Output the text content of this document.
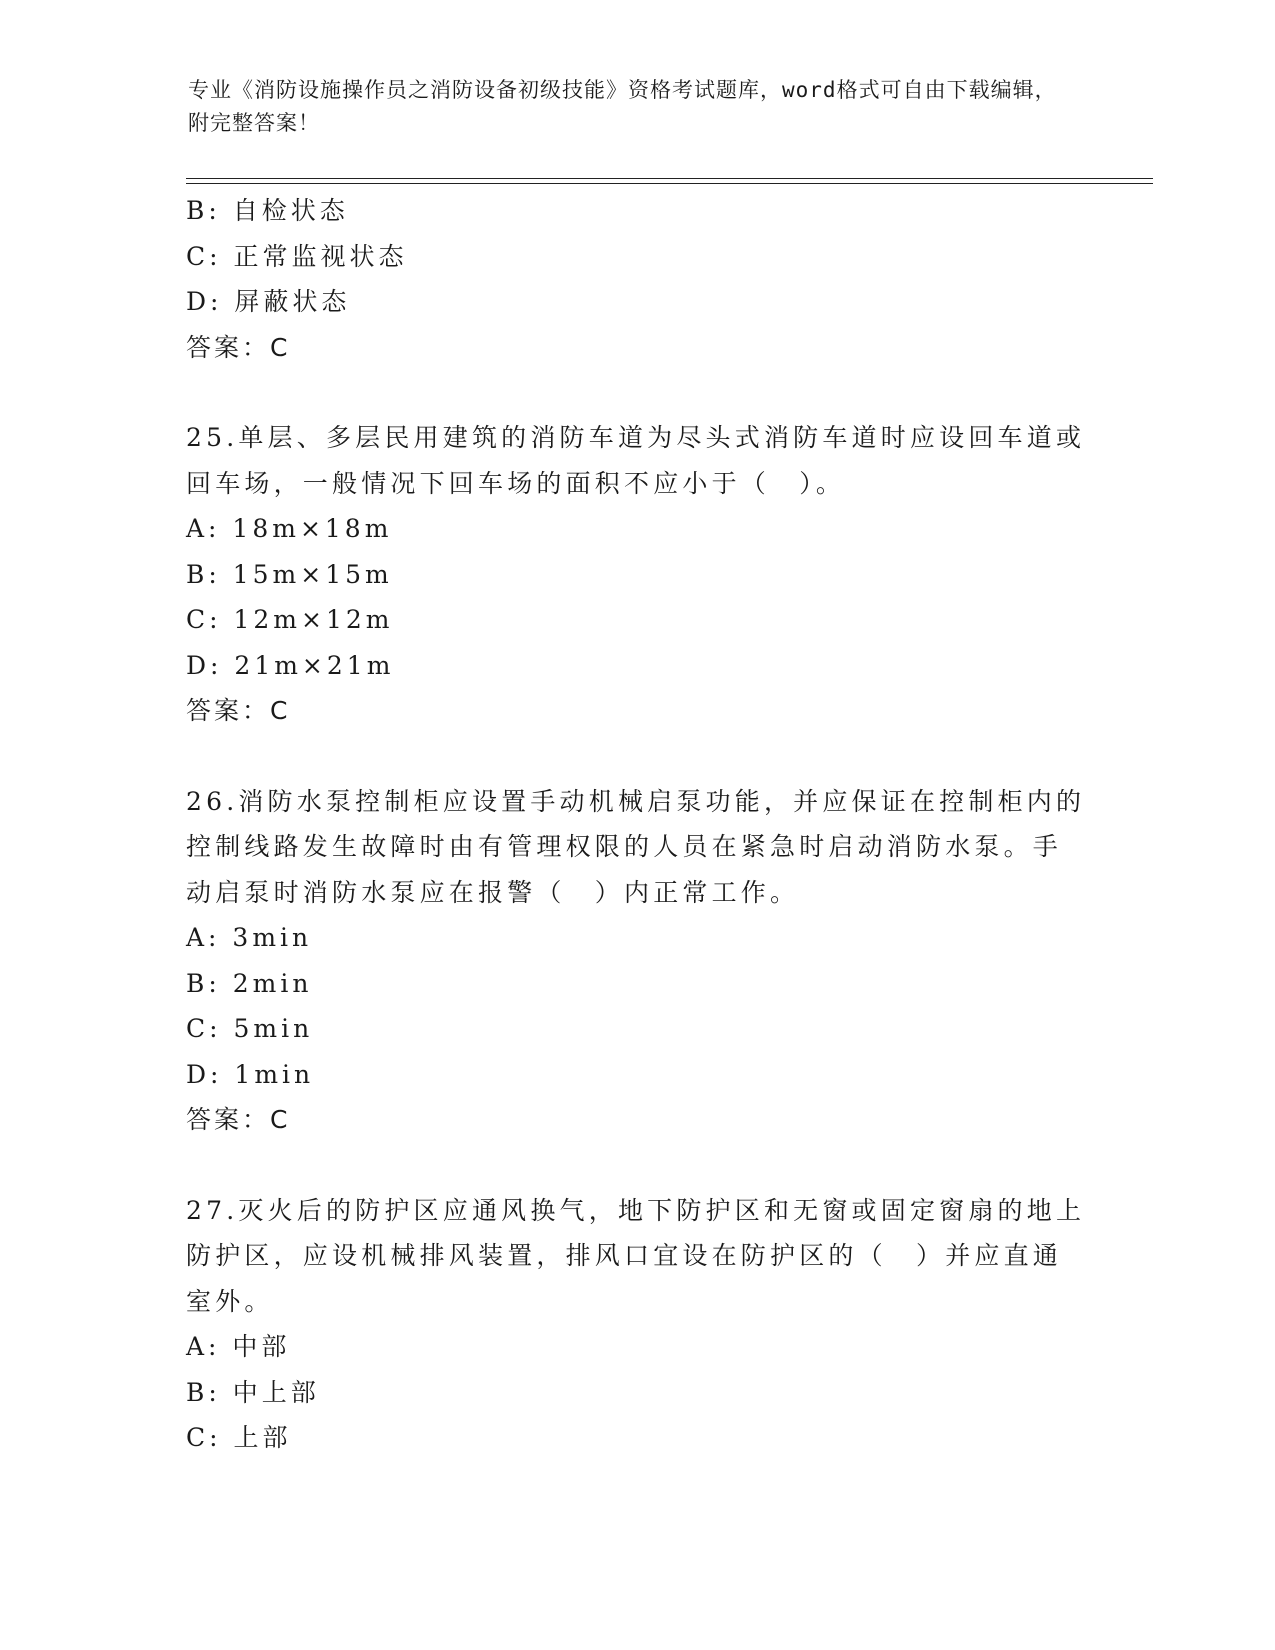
专业《消防设施操作员之消防设备初级技能》资格考试题库，word格式可自由下载编辑，附完整答案！
B: 自检状态
C: 正常监视状态
D: 屏蔽状态
答案：C
25.单层、多层民用建筑的消防车道为尽头式消防车道时应设回车道或回车场，一般情况下回车场的面积不应小于（　）。
A: 18m×18m
B: 15m×15m
C: 12m×12m
D: 21m×21m
答案：C
26.消防水泵控制柜应设置手动机械启泵功能，并应保证在控制柜内的控制线路发生故障时由有管理权限的人员在紧急时启动消防水泵。手动启泵时消防水泵应在报警（　）内正常工作。
A: 3min
B: 2min
C: 5min
D: 1min
答案：C
27.灭火后的防护区应通风换气，地下防护区和无窗或固定窗扇的地上防护区，应设机械排风装置，排风口宜设在防护区的（　）并应直通室外。
A: 中部
B: 中上部
C: 上部
